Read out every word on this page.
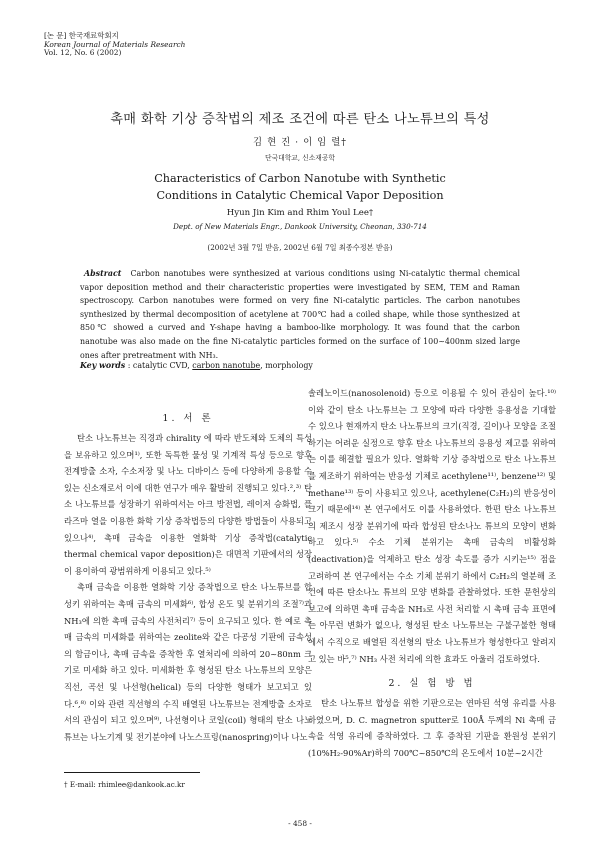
[논 문] 한국재료학회지
Korean Journal of Materials Research
Vol. 12, No. 6 (2002)
촉매 화학 기상 증착법의 제조 조건에 따른 탄소 나노튜브의 특성
김 현 진 · 이 임 렬†
단국대학교, 신소재공학
Characteristics of Carbon Nanotube with Synthetic
Conditions in Catalytic Chemical Vapor Deposition
Hyun Jin Kim and Rhim Youl Lee†
Dept. of New Materials Engr., Dankook University, Cheonan, 330-714
(2002년 3월 7일 받음, 2002년 6월 7일 최종수정본 받음)
Abstract Carbon nanotubes were synthesized at various conditions using Ni-catalytic thermal chemical vapor deposition method and their characteristic properties were investigated by SEM, TEM and Raman spectroscopy. Carbon nanotubes were formed on very fine Ni-catalytic particles. The carbon nanotubes synthesized by thermal decomposition of acetylene at 700℃ had a coiled shape, while those synthesized at 850℃ showed a curved and Y-shape having a bamboo-like morphology. It was found that the carbon nanotube was also made on the fine Ni-catalytic particles formed on the surface of 100~400nm sized large ones after pretreatment with NH₃.
Key words : catalytic CVD, carbon nanotube, morphology
1. 서 론

탄소 나노튜브는 직경과 chirality 에 따라 반도체와 도체의 특성을 보유하고 있으며¹⁾, 또한 독특한 물성 및 기계적 특성 등으로 향후 전계방출 소자, 수소저장 및 나노 디바이스 등에 다양하게 응용할 수 있는 신소재로서 이에 대한 연구가 매우 활발히 진행되고 있다.²,³⁾ 탄소 나노튜브를 성장하기 위하여서는 아크 방전법, 레이저 승화법, 플라즈마 열을 이용한 화학 기상 증착법등의 다양한 방법들이 사용되고 있으나⁴⁾, 촉매 금속을 이용한 열화학 기상 증착법(catalytic thermal chemical vapor deposition)은 대면적 기판에서의 성장이 용이하여 광범위하게 이용되고 있다.⁵⁾

촉매 금속을 이용한 열화학 기상 증착법으로 탄소 나노튜브를 합성키 위하여는 촉매 금속의 미세화⁶⁾, 합성 온도 및 분위기의 조절⁷⁾과 NH₃에 의한 촉매 금속의 사전처리⁷⁾ 등이 요구되고 있다. 한 예로 촉매 금속의 미세화를 위하여는 zeolite와 같은 다공성 기판에 금속성의 함금이나, 촉매 금속을 증착한 후 열처리에 의하여 20~80nm 크기로 미세화 하고 있다. 미세화한 후 형성된 탄소 나노튜브의 모양은 직선, 곡선 및 나선형(helical) 등의 다양한 형태가 보고되고 있다.⁶,⁸⁾ 이와 관련 직선형의 수직 배열된 나노튜브는 전계방출 소자로서의 관심이 되고 있으며⁹⁾, 나선형이나 코일(coil) 형태의 탄소 나노튜브는 나노기계 및 전기분야에 나노스프링(nanospring)이나 나노

솔레노이드(nanosolenoid) 등으로 이용될 수 있어 관심이 높다.¹⁰⁾ 이와 같이 탄소 나노튜브는 그 모양에 따라 다양한 응용성을 기대할 수 있으나 현재까지 탄소 나노튜브의 크기(직경, 길이)나 모양을 조절하기는 어려운 실정으로 향후 탄소 나노튜브의 응용성 제고를 위하여는 이를 해결할 필요가 있다. 열화학 기상 증착법으로 탄소 나노튜브를 제조하기 위하여는 반응성 기체로 acethylene¹¹⁾, benzene¹²⁾ 및 methane¹³⁾ 등이 사용되고 있으나, acethylene(C₂H₂)의 반응성이 크기 때문에¹⁴⁾ 본 연구에서도 이를 사용하였다. 한편 탄소 나노튜브의 제조시 성장 분위기에 따라 합성된 탄소나노 튜브의 모양이 변화하고 있다.⁵⁾ 수소 기체 분위기는 촉매 금속의 비활성화(deactivation)을 억제하고 탄소 성장 속도를 증가 시키는¹⁵⁾ 점을 고려하여 본 연구에서는 수소 기체 분위기 하에서 C₂H₂의 열분해 조건에 따른 탄소나노 튜브의 모양 변화를 관찰하였다. 또한 문헌상의 보고에 의하면 촉매 금속을 NH₃로 사전 처리할 시 촉매 금속 표면에는 아무런 변화가 없으나, 형성된 탄소 나노튜브는 구불구불한 형태에서 수직으로 배열된 직선형의 탄소 나노튜브가 형성한다고 알려지고 있는 바⁵,⁷⁾ NH₃ 사전 처리에 의한 효과도 아울러 검토하였다.

2. 실 험 방 법

탄소 나노튜브 합성을 위한 기판으로는 연마된 석영 유리를 사용하였으며, D. C. magnetron sputter로 100Å 두께의 Ni 촉매 금속을 석영 유리에 증착하였다. 그 후 증착된 기판을 환원성 분위기(10%H₂-90%Ar)하의 700℃~850℃의 온도에서 10분~2시간

† E-mail: rhimlee@dankook.ac.kr
- 458 -
